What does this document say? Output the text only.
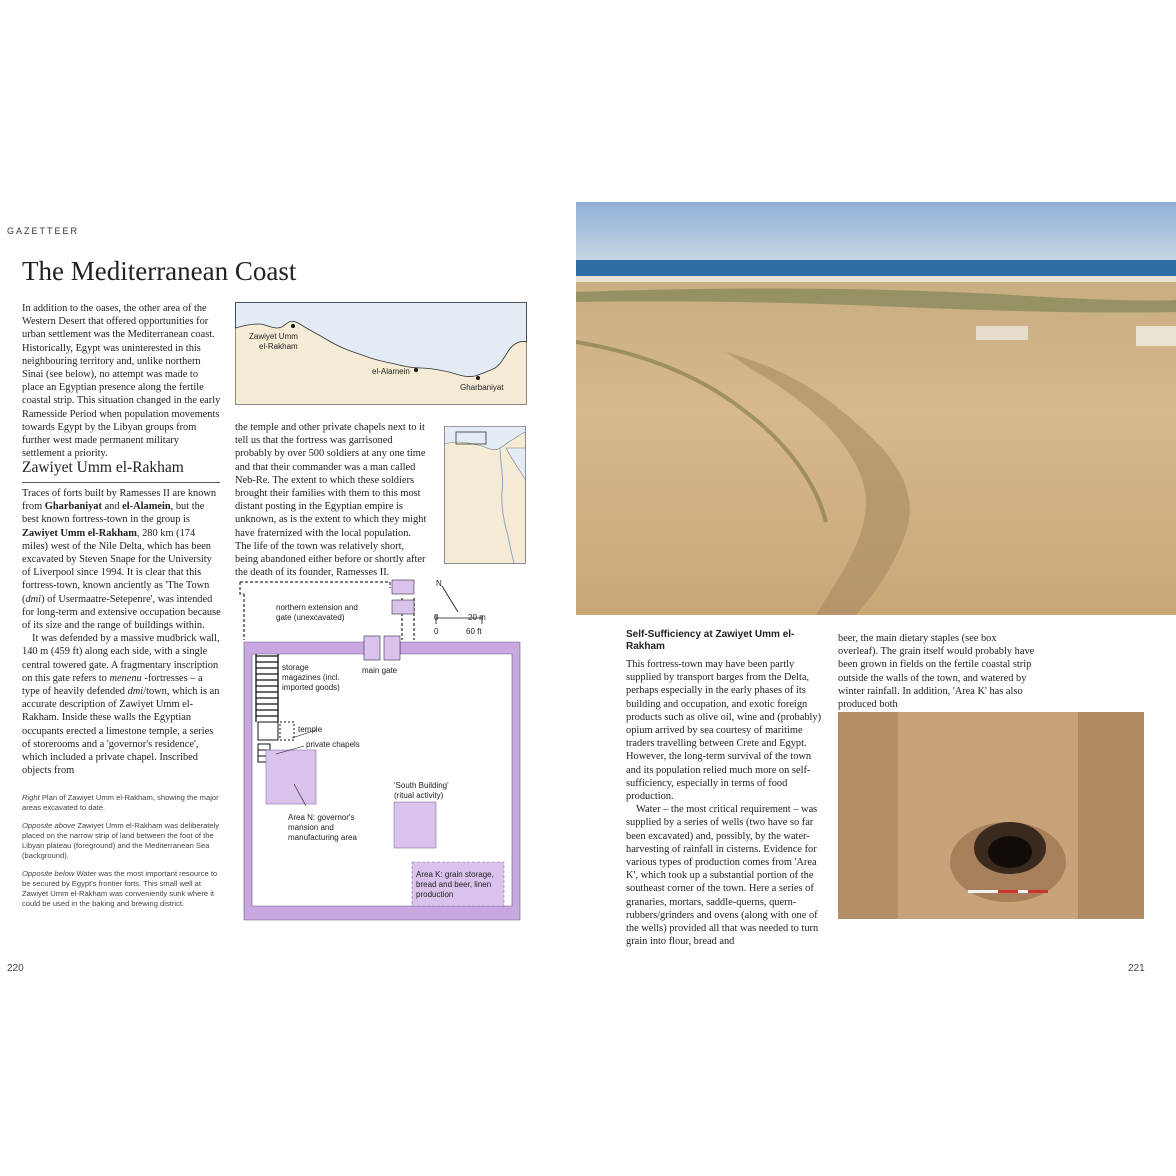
GAZETTEER
The Mediterranean Coast

In addition to the oases, the other area of the Western Desert that offered opportunities for urban settlement was the Mediterranean coast. Historically, Egypt was uninterested in this neighbouring territory and, unlike northern Sinai (see below), no attempt was made to place an Egyptian presence along the fertile coastal strip. This situation changed in the early Ramesside Period when population movements towards Egypt by the Libyan groups from further west made permanent military settlement a priority.

Zawiyet Umm el-Rakham

Traces of forts built by Ramesses II are known from Gharbaniyat and el-Alamein, but the best known fortress-town in the group is Zawiyet Umm el-Rakham, 280 km (174 miles) west of the Nile Delta, which has been excavated by Steven Snape for the University of Liverpool since 1994. It is clear that this fortress-town, known anciently as 'The Town (dmi) of Usermaatre-Setepenre', was intended for long-term and extensive occupation because of its size and the range of buildings within.

It was defended by a massive mudbrick wall, 140 m (459 ft) along each side, with a single central towered gate. A fragmentary inscription on this gate refers to menenu -fortresses – a type of heavily defended dmi/town, which is an accurate description of Zawiyet Umm el-Rakham. Inside these walls the Egyptian occupants erected a limestone temple, a series of storerooms and a 'governor's residence', which included a private chapel. Inscribed objects from

the temple and other private chapels next to it tell us that the fortress was garrisoned probably by over 500 soldiers at any one time and that their commander was a man called Neb-Re. The extent to which these soldiers brought their families with them to this most distant posting in the Egyptian empire is unknown, as is the extent to which they might have fraternized with the local population. The life of the town was relatively short, being abandoned either before or shortly after the death of its founder, Ramesses II.

Right Plan of Zawiyet Umm el-Rakham, showing the major areas excavated to date.

Opposite above Zawiyet Umm el-Rakham was deliberately placed on the narrow strip of land between the foot of the Libyan plateau (foreground) and the Mediterranean Sea (background).

Opposite below Water was the most important resource to be secured by Egypt's frontier forts. This small well at Zawiyet Umm el-Rakham was conveniently sunk where it could be used in the baking and brewing district.

Zawiyet Umm
el-Rakham
el-Alamein
Gharbaniyat
N
0	20 m
0	60 ft
northern extension and
gate (unexcavated)
main gate
storage
magazines (incl.
imported goods)
temple
private chapels
'South Building'
(ritual activity)
Area N: governor's
mansion and
manufacturing area
Area K: grain storage,
bread and beer, linen
production
220
Self-Sufficiency at Zawiyet Umm el-Rakham

This fortress-town may have been partly supplied by transport barges from the Delta, perhaps especially in the early phases of its building and occupation, and exotic foreign products such as olive oil, wine and (probably) opium arrived by sea courtesy of maritime traders travelling between Crete and Egypt. However, the long-term survival of the town and its population relied much more on self-sufficiency, especially in terms of food production.

Water – the most critical requirement – was supplied by a series of wells (two have so far been excavated) and, possibly, by the water-harvesting of rainfall in cisterns. Evidence for various types of production comes from 'Area K', which took up a substantial portion of the southeast corner of the town. Here a series of granaries, mortars, saddle-querns, quern-rubbers/grinders and ovens (along with one of the wells) provided all that was needed to turn grain into flour, bread and

beer, the main dietary staples (see box overleaf). The grain itself would probably have been grown in fields on the fertile coastal strip outside the walls of the town, and watered by winter rainfall. In addition, 'Area K' has also produced both

221
